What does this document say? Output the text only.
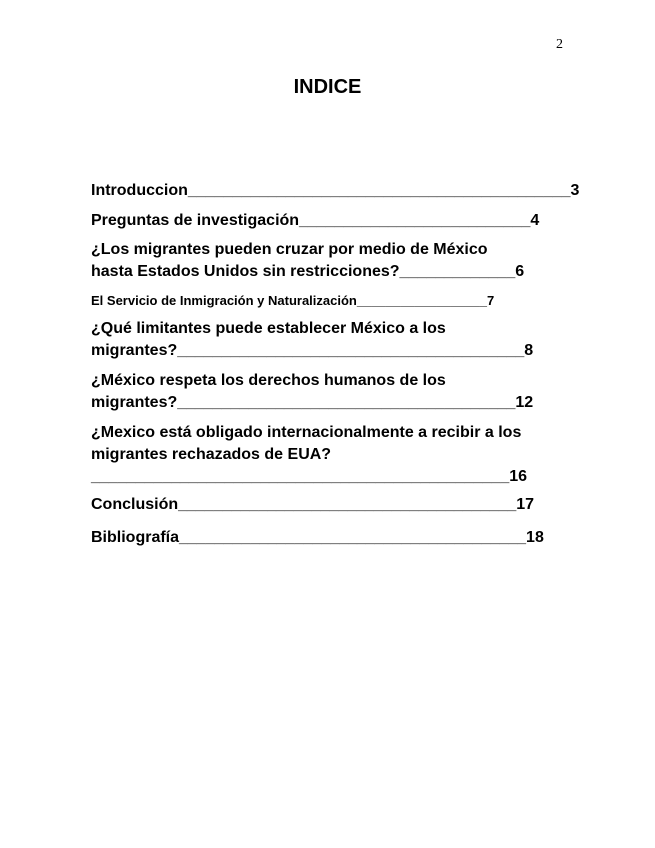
2
INDICE
Introduccion___________________________________________3
Preguntas de investigación__________________________4
¿Los migrantes pueden cruzar por medio de México
hasta Estados Unidos sin restricciones?_____________6
El Servicio de Inmigración y Naturalización__________________7
¿Qué limitantes puede establecer México a los
migrantes?_______________________________________8
¿México respeta los derechos humanos de los
migrantes?______________________________________12
¿Mexico está obligado internacionalmente a recibir a los
migrantes rechazados de EUA?
_______________________________________________16
Conclusión______________________________________17
Bibliografía_______________________________________18
